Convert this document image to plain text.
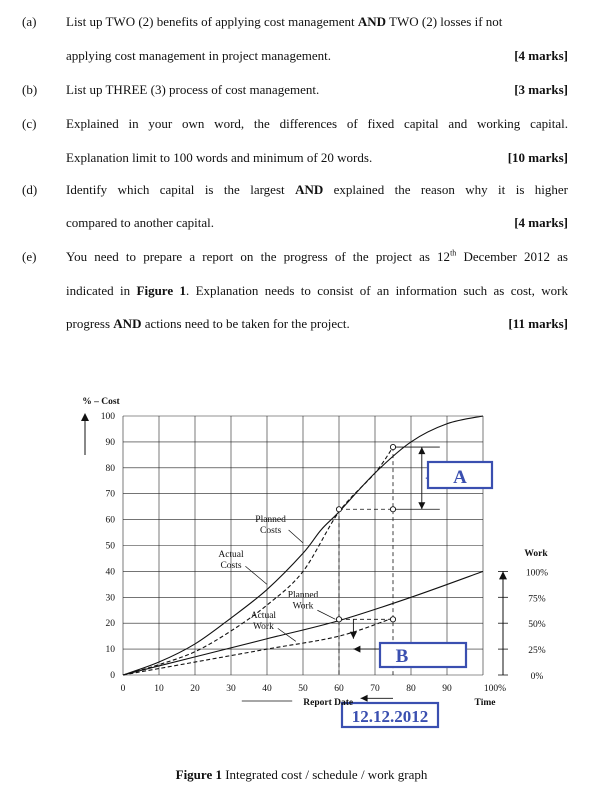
(a) List up TWO (2) benefits of applying cost management AND TWO (2) losses if not
applying cost management in project management.	[4 marks]
(b) List up THREE (3) process of cost management.	[3 marks]
(c) Explained in your own word, the differences of fixed capital and working capital.
Explanation limit to 100 words and minimum of 20 words.	[10 marks]
(d) Identify which capital is the largest AND explained the reason why it is higher
compared to another capital.	[4 marks]
(e) You need to prepare a report on the progress of the project as 12th December 2012 as
indicated in Figure 1. Explanation needs to consist of an information such as cost, work
progress AND actions need to be taken for the project.	[11 marks]
Planned
Costs
Actual
Costs
Planned
Work
Actual
Work
A
B
12.12.2012
0
10
20
30
40
50
60
70
80
90
100
0	10	20	30	40	50	60	70	80	90	100%
% – Cost
Report Date	Time
Work
100%
75%
50%
25%
0%
Figure 1 Integrated cost / schedule / work graph
